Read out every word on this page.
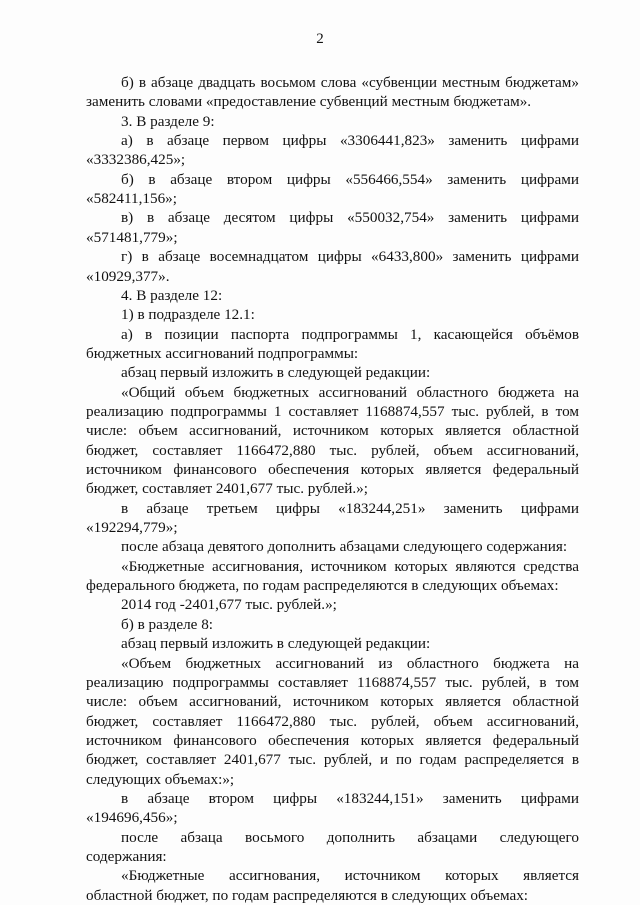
2
б) в абзаце двадцать восьмом слова «субвенции местным бюджетам»
заменить словами «предоставление субвенций местным бюджетам».
3. В разделе 9:
а) в абзаце первом цифры «3306441,823» заменить цифрами
«3332386,425»;
б) в абзаце втором цифры «556466,554» заменить цифрами
«582411,156»;
в) в абзаце десятом цифры «550032,754» заменить цифрами
«571481,779»;
г) в абзаце восемнадцатом цифры «6433,800» заменить цифрами
«10929,377».
4. В разделе 12:
1) в подразделе 12.1:
а) в позиции паспорта подпрограммы 1, касающейся объёмов
бюджетных ассигнований подпрограммы:
абзац первый изложить в следующей редакции:
«Общий объем бюджетных ассигнований областного бюджета на
реализацию подпрограммы 1 составляет 1168874,557 тыс. рублей, в том
числе: объем ассигнований, источником которых является областной
бюджет, составляет 1166472,880 тыс. рублей, объем ассигнований,
источником финансового обеспечения которых является федеральный
бюджет, составляет 2401,677 тыс. рублей.»;
в абзаце третьем цифры «183244,251» заменить цифрами
«192294,779»;
после абзаца девятого дополнить абзацами следующего содержания:
«Бюджетные ассигнования, источником которых являются средства
федерального бюджета, по годам распределяются в следующих объемах:
2014 год -2401,677 тыс. рублей.»;
б) в разделе 8:
абзац первый изложить в следующей редакции:
«Объем бюджетных ассигнований из областного бюджета на
реализацию подпрограммы составляет 1168874,557 тыс. рублей, в том
числе: объем ассигнований, источником которых является областной
бюджет, составляет 1166472,880 тыс. рублей, объем ассигнований,
источником финансового обеспечения которых является федеральный
бюджет, составляет 2401,677 тыс. рублей, и по годам распределяется в
следующих объемах:»;
в абзаце втором цифры «183244,151» заменить цифрами
«194696,456»;
после абзаца восьмого дополнить абзацами следующего
содержания:
«Бюджетные ассигнования, источником которых является
областной бюджет, по годам распределяются в следующих объемах:
